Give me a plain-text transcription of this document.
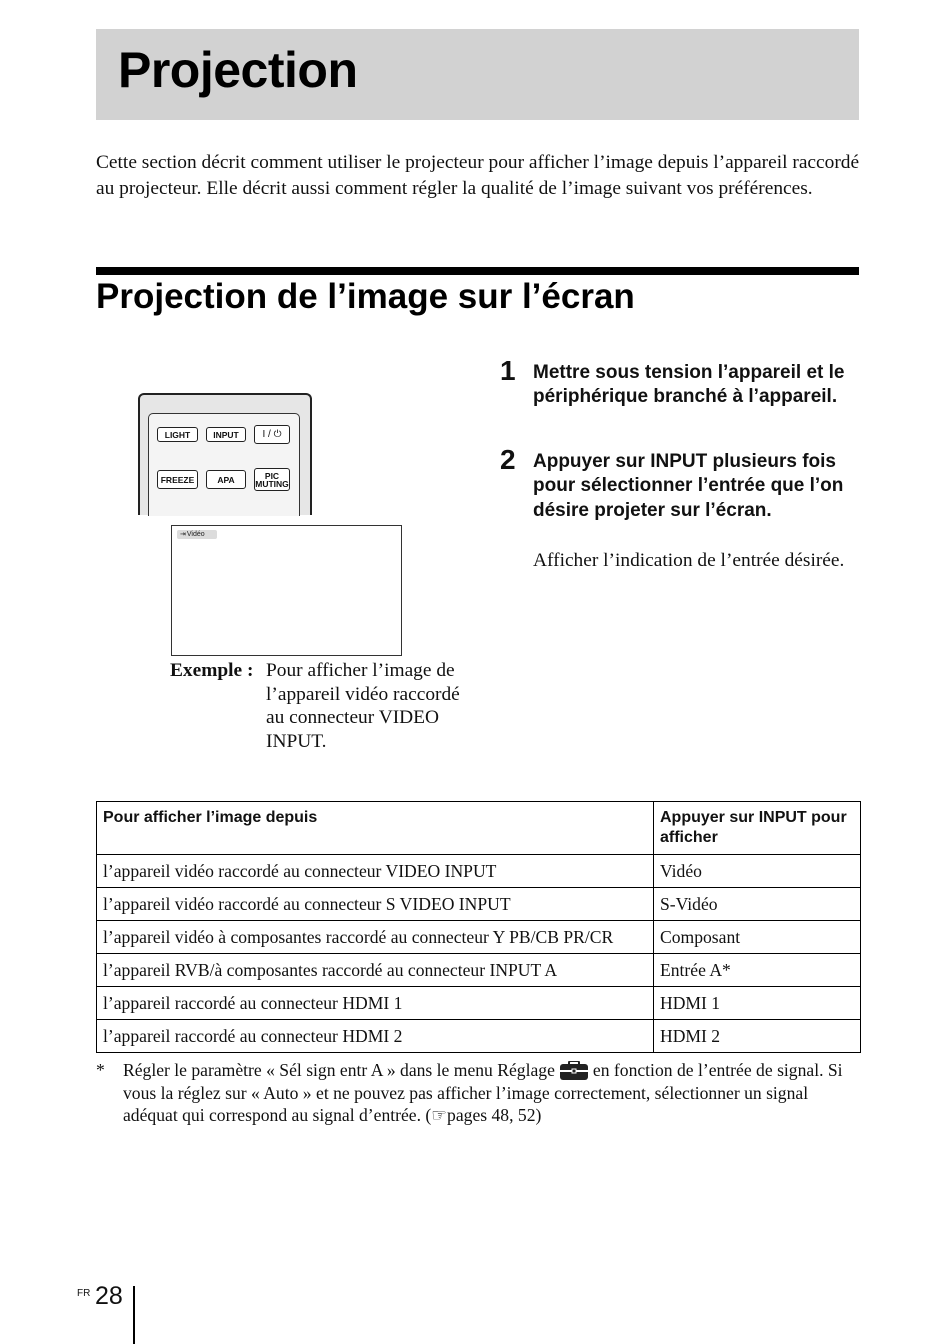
Projection

Cette section décrit comment utiliser le projecteur pour afficher l’image depuis l’appareil raccordé au projecteur. Elle décrit aussi comment régler la qualité de l’image suivant vos préférences.

Projection de l’image sur l’écran
LIGHT	INPUT	I / ⏻
FREEZE	APA	PIC
MUTING
⇥Vidéo
Exemple : Pour afficher l’image de l’appareil vidéo raccordé au connecteur VIDEO INPUT.
1 Mettre sous tension l’appareil et le périphérique branché à l’appareil.
2 Appuyer sur INPUT plusieurs fois pour sélectionner l’entrée que l’on désire projeter sur l’écran.
Afficher l’indication de l’entrée désirée.
Pour afficher l’image depuis	Appuyer sur INPUT pour afficher
l’appareil vidéo raccordé au connecteur VIDEO INPUT	Vidéo
l’appareil vidéo raccordé au connecteur S VIDEO INPUT	S-Vidéo
l’appareil vidéo à composantes raccordé au connecteur Y PB/CB PR/CR	Composant
l’appareil RVB/à composantes raccordé au connecteur INPUT A	Entrée A*
l’appareil raccordé au connecteur HDMI 1	HDMI 1
l’appareil raccordé au connecteur HDMI 2	HDMI 2
* Régler le paramètre « Sél sign entr A » dans le menu Réglage en fonction de l’entrée de signal. Si vous la réglez sur « Auto » et ne pouvez pas afficher l’image correctement, sélectionner un signal adéquat qui correspond au signal d’entrée. (☞pages 48, 52)
FR 28
